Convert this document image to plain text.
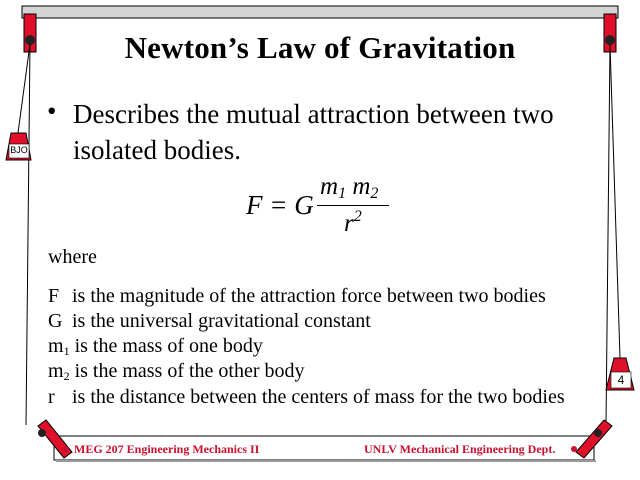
BJO
4
Newton’s Law of Gravitation
• Describes the mutual attraction between two isolated bodies.
F = G
$m_1$ $m_2$
$r^2$
where
F is the magnitude of the attraction force between two bodies
G is the universal gravitational constant
$m_1$ is the mass of one body
$m_2$ is the mass of the other body
r is the distance between the centers of mass for the two bodies
MEG 207 Engineering Mechanics II	UNLV Mechanical Engineering Dept.
